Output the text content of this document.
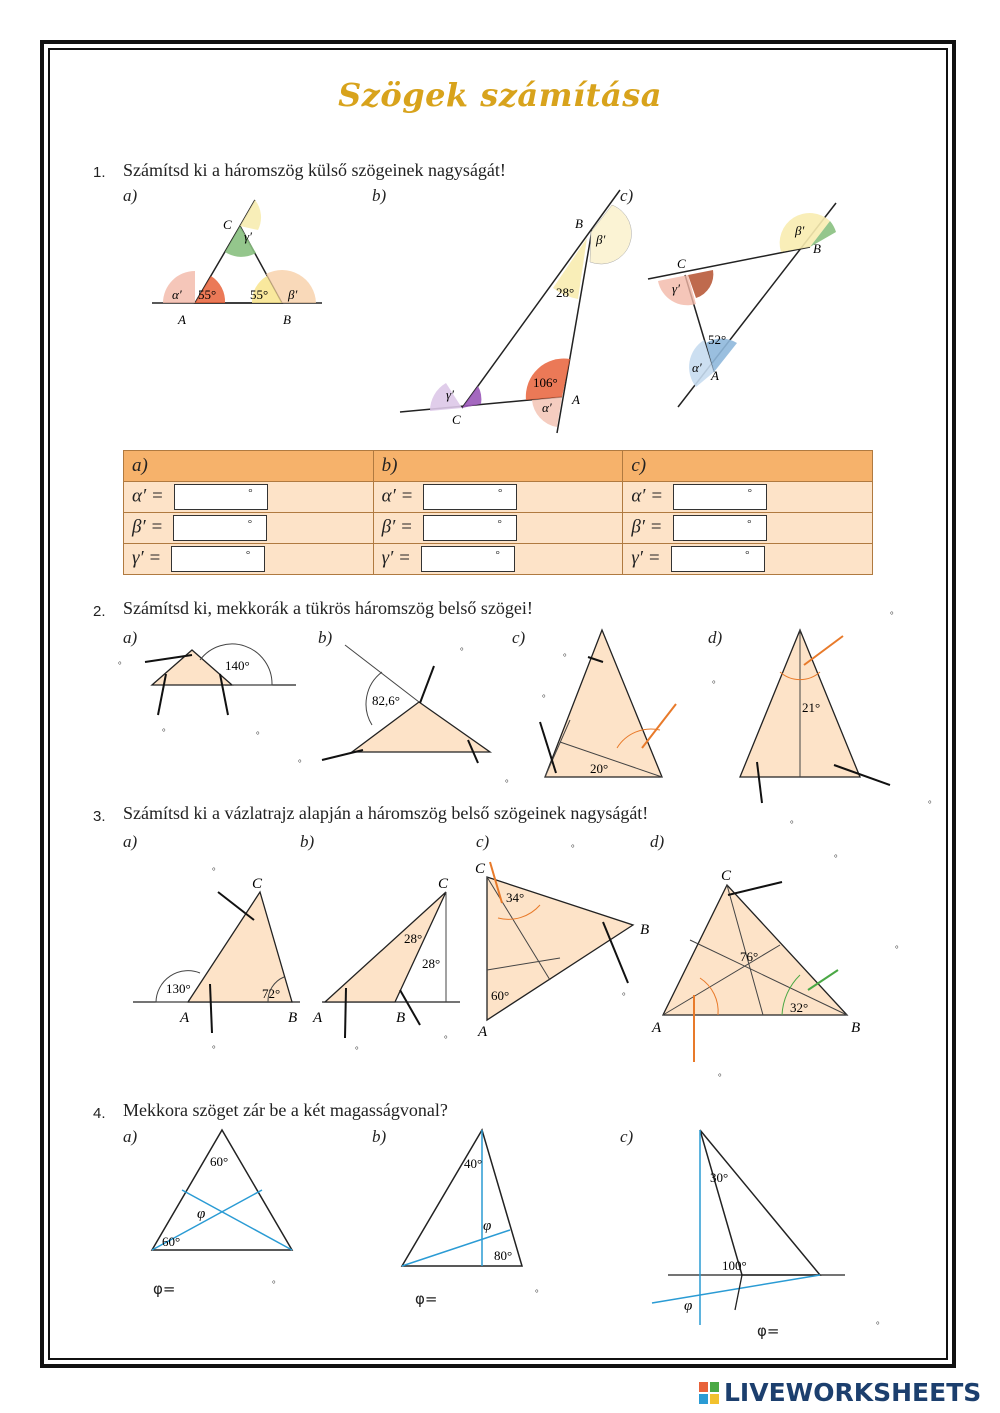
Szögek számítása
1. Számítsd ki a háromszög külső szögeinek nagyságát!
a)	b)	c)
C
γ′
α′ 55°	55° β′
A	B
B
β′
28°
106°
α′
A
γ′
C
β′
B
C
γ′
52°
α′
A
140°
82,6°
20°
21°
130°	72°
C
A	B
28°
28°
C
A	B
34°
60°
C
A
B
76°
32°
C
A	B
60°
60°
φ
40°
80°
φ
30°
100°
φ
a)	b)	c)
α′ = °	α′ = °	α′ = °

β′ = °	β′ = °	β′ = °

γ′ = °	γ′ = °	γ′ = °
2. Számítsd ki, mekkorák a tükrös háromszög belső szögei!
a)	b)	c)	d)
°
°	°
°
°
°
°
°
°
°
°
°
3. Számítsd ki a vázlatrajz alapján a háromszög belső szögeinek nagyságát!
a)	b)	c)	d)
°
°	°
°
°
°
°
°
°
4. Mekkora szöget zár be a két magasságvonal?
a)	b)	c)
φ=	°
φ=	°
φ=	°
LIVEWORKSHEETS
